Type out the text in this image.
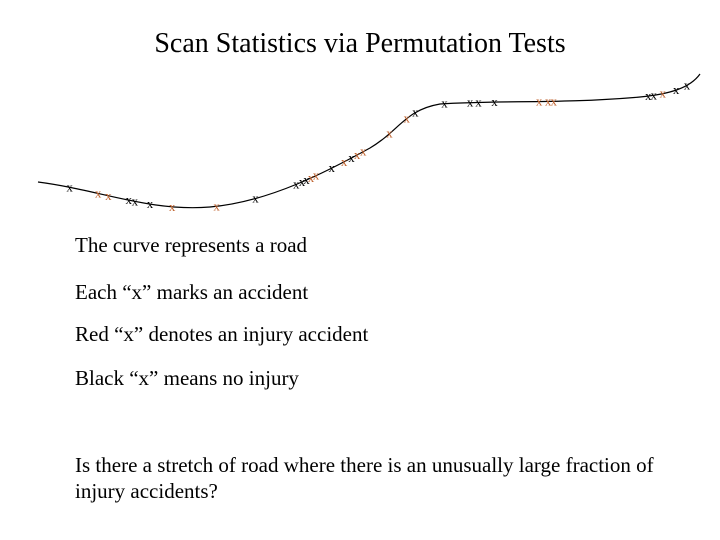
Scan Statistics via Permutation Tests
x x x x x x x	x
x
x x
x
x
x
x x x x x
x
x x
x x x x	x x x	x x x x x
The curve represents a road
Each “x” marks an accident
Red “x” denotes an injury accident
Black “x” means no injury
Is there a stretch of road where there is an unusually large fraction of injury accidents?
